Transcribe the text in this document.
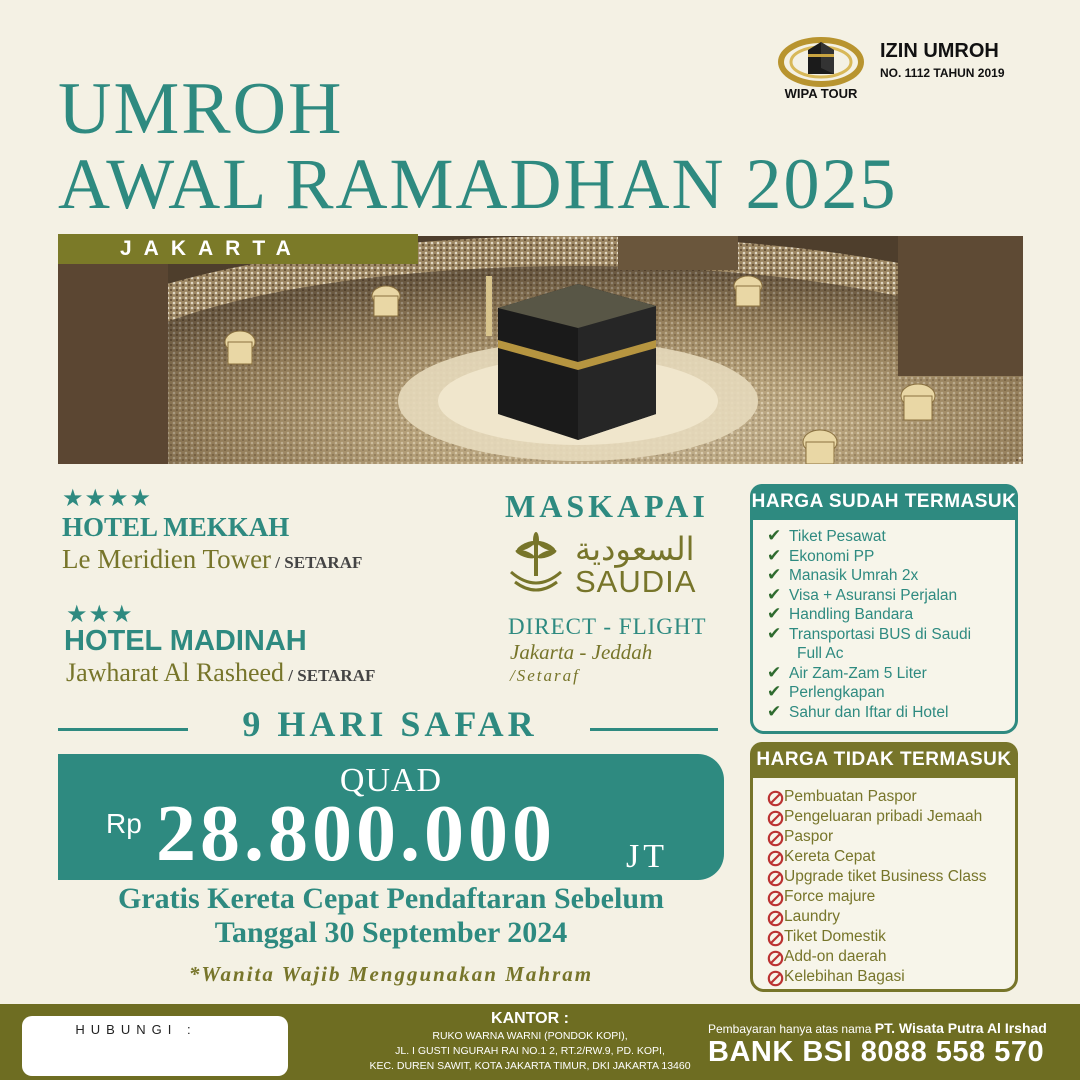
UMROH
AWAL RAMADHAN 2025
WIPA TOUR
IZIN UMROH
NO. 1112 TAHUN 2019
JAKARTA
★★★★
HOTEL MEKKAH
Le Meridien Tower / SETARAF
★★★
HOTEL MADINAH
Jawharat Al Rasheed / SETARAF
MASKAPAI
السعودية
SAUDIA
DIRECT - FLIGHT
Jakarta - Jeddah
/Setaraf
9 HARI SAFAR
QUAD
Rp 28.800.000 JT
Gratis Kereta Cepat Pendaftaran Sebelum
Tanggal 30 September 2024
*Wanita Wajib Menggunakan Mahram
HARGA SUDAH TERMASUK
✔ Tiket Pesawat
✔ Ekonomi PP
✔ Manasik Umrah 2x
✔ Visa + Asuransi Perjalan
✔ Handling Bandara
✔ Transportasi BUS di Saudi
Full Ac
✔ Air Zam-Zam 5 Liter
✔ Perlengkapan
✔ Sahur dan Iftar di Hotel
HARGA TIDAK TERMASUK
Pembuatan Paspor
Pengeluaran pribadi Jemaah
Paspor
Kereta Cepat
Upgrade tiket Business Class
Force majure
Laundry
Tiket Domestik
Add-on daerah
Kelebihan Bagasi
HUBUNGI :
KANTOR :
RUKO WARNA WARNI (PONDOK KOPI),
JL. I GUSTI NGURAH RAI NO.1 2, RT.2/RW.9, PD. KOPI,
KEC. DUREN SAWIT, KOTA JAKARTA TIMUR, DKI JAKARTA 13460
Pembayaran hanya atas nama PT. Wisata Putra Al Irshad
BANK BSI 8088 558 570
